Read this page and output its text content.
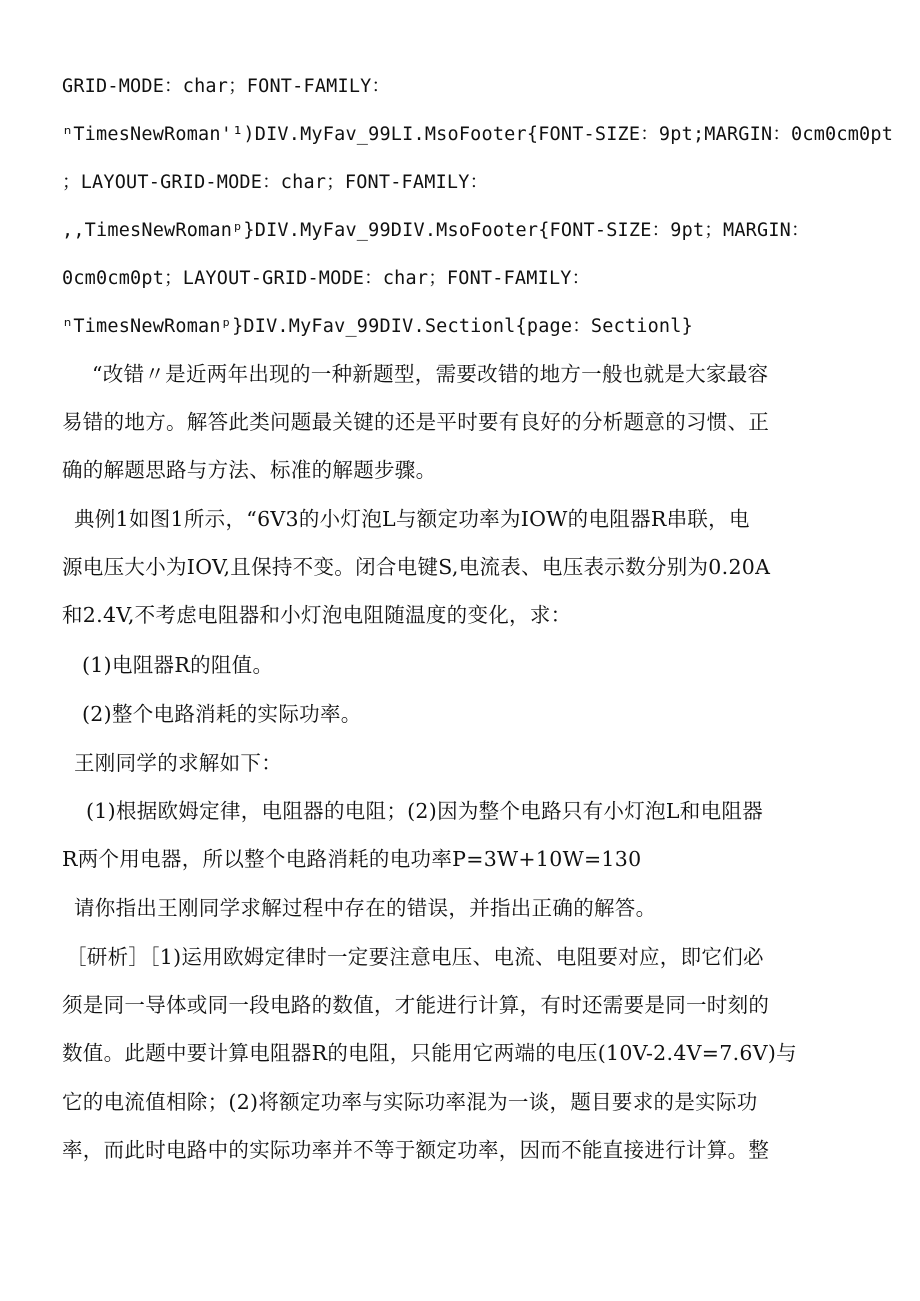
GRID-MODE：char；FONT-FAMILY：
ⁿTimesNewRoman'¹)DIV.MyFav_99LI.MsoFooter{FONT-SIZE：9pt;MARGIN：0cm0cm0pt
；LAYOUT-GRID-MODE：char；FONT-FAMILY：
‚‚TimesNewRomanᵖ}DIV.MyFav_99DIV.MsoFooter{FONT-SIZE：9pt；MARGIN：
0cm0cm0pt；LAYOUT-GRID-MODE：char；FONT-FAMILY：
ⁿTimesNewRomanᵖ}DIV.MyFav_99DIV.Sectionl{page：Sectionl}
“改错〃是近两年出现的一种新题型，需要改错的地方一般也就是大家最容
易错的地方。解答此类问题最关键的还是平时要有良好的分析题意的习惯、正
确的解题思路与方法、标准的解题步骤。
典例1如图1所示，“6V3的小灯泡L与额定功率为IOW的电阻器R串联，电
源电压大小为IOV,且保持不变。闭合电键S,电流表、电压表示数分别为0.20A
和2.4V,不考虑电阻器和小灯泡电阻随温度的变化，求：
(1)电阻器R的阻值。
(2)整个电路消耗的实际功率。
王刚同学的求解如下：
(1)根据欧姆定律，电阻器的电阻；(2)因为整个电路只有小灯泡L和电阻器
R两个用电器，所以整个电路消耗的电功率P=3W+10W=130
请你指出王刚同学求解过程中存在的错误，并指出正确的解答。
［研析］［1)运用欧姆定律时一定要注意电压、电流、电阻要对应，即它们必
须是同一导体或同一段电路的数值，才能进行计算，有时还需要是同一时刻的
数值。此题中要计算电阻器R的电阻，只能用它两端的电压(10V-2.4V=7.6V)与
它的电流值相除；(2)将额定功率与实际功率混为一谈，题目要求的是实际功
率，而此时电路中的实际功率并不等于额定功率，因而不能直接进行计算。整
